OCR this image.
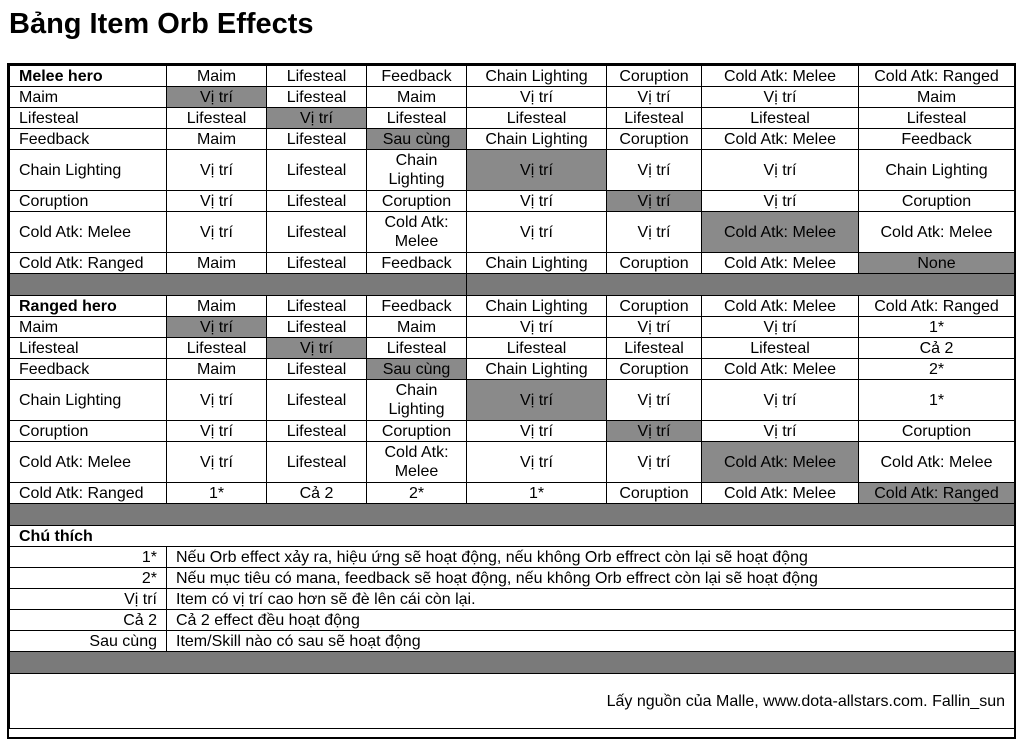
Bảng Item Orb Effects
Melee hero	Maim	Lifesteal	Feedback	Chain Lighting	Coruption	Cold Atk: Melee	Cold Atk: Ranged
Maim	Vị trí	Lifesteal	Maim	Vị trí	Vị trí	Vị trí	Maim
Lifesteal	Lifesteal	Vị trí	Lifesteal	Lifesteal	Lifesteal	Lifesteal	Lifesteal
Feedback	Maim	Lifesteal	Sau cùng	Chain Lighting	Coruption	Cold Atk: Melee	Feedback
Chain Lighting	Vị trí	Lifesteal	Chain Lighting	Vị trí	Vị trí	Vị trí	Chain Lighting
Coruption	Vị trí	Lifesteal	Coruption	Vị trí	Vị trí	Vị trí	Coruption
Cold Atk: Melee	Vị trí	Lifesteal	Cold Atk: Melee	Vị trí	Vị trí	Cold Atk: Melee	Cold Atk: Melee
Cold Atk: Ranged	Maim	Lifesteal	Feedback	Chain Lighting	Coruption	Cold Atk: Melee	None

Ranged hero	Maim	Lifesteal	Feedback	Chain Lighting	Coruption	Cold Atk: Melee	Cold Atk: Ranged
Maim	Vị trí	Lifesteal	Maim	Vị trí	Vị trí	Vị trí	1*
Lifesteal	Lifesteal	Vị trí	Lifesteal	Lifesteal	Lifesteal	Lifesteal	Cả 2
Feedback	Maim	Lifesteal	Sau cùng	Chain Lighting	Coruption	Cold Atk: Melee	2*
Chain Lighting	Vị trí	Lifesteal	Chain Lighting	Vị trí	Vị trí	Vị trí	1*
Coruption	Vị trí	Lifesteal	Coruption	Vị trí	Vị trí	Vị trí	Coruption
Cold Atk: Melee	Vị trí	Lifesteal	Cold Atk: Melee	Vị trí	Vị trí	Cold Atk: Melee	Cold Atk: Melee
Cold Atk: Ranged	1*	Cả 2	2*	1*	Coruption	Cold Atk: Melee	Cold Atk: Ranged

Chú thích							
1*	Nếu Orb effect xảy ra, hiệu ứng sẽ hoạt động, nếu không Orb effrect còn lại sẽ hoạt động						
2*	Nếu mục tiêu có mana, feedback sẽ hoạt động, nếu không Orb effrect còn lại sẽ hoạt động						
Vị trí	Item có vị trí cao hơn sẽ đè lên cái còn lại.						
Cả 2	Cả 2 effect đều hoạt động						
Sau cùng	Item/Skill nào có sau sẽ hoạt động						

Lấy nguồn của Malle, www.dota-allstars.com. Fallin_sun							
